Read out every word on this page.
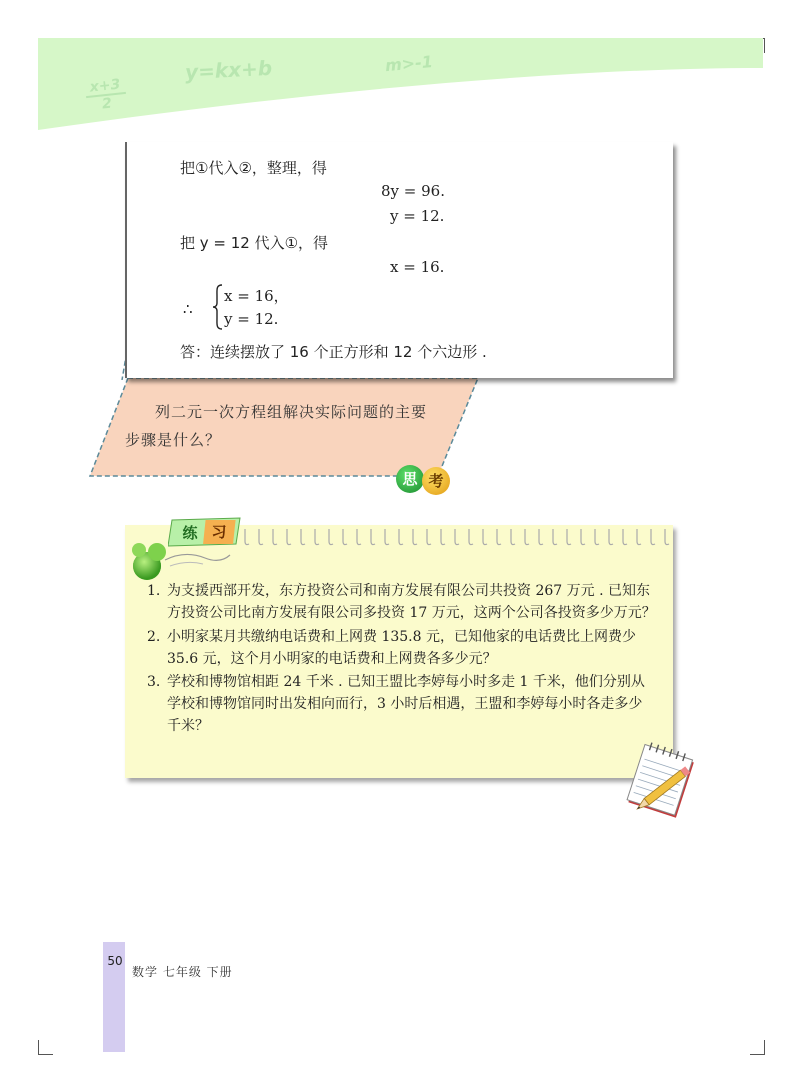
$\frac{x+3}{2}$
y=kx+b	m>-1
把①代入②，整理，得
8y = 96.
y = 12.
把 y = 12 代入①，得
x = 16.
∴
x = 16，
y = 12.
答：连续摆放了 16 个正方形和 12 个六边形 .
列二元一次方程组解决实际问题的主要
步骤是什么？
思 考
练 习
1. 为支援西部开发，东方投资公司和南方发展有限公司共投资 267 万元 . 已知东
方投资公司比南方发展有限公司多投资 17 万元，这两个公司各投资多少万元？
2. 小明家某月共缴纳电话费和上网费 135.8 元，已知他家的电话费比上网费少
35.6 元，这个月小明家的电话费和上网费各多少元？
3. 学校和博物馆相距 24 千米 . 已知王盟比李婷每小时多走 1 千米，他们分别从
学校和博物馆同时出发相向而行，3 小时后相遇，王盟和李婷每小时各走多少
千米？
50
数学 七年级 下册
